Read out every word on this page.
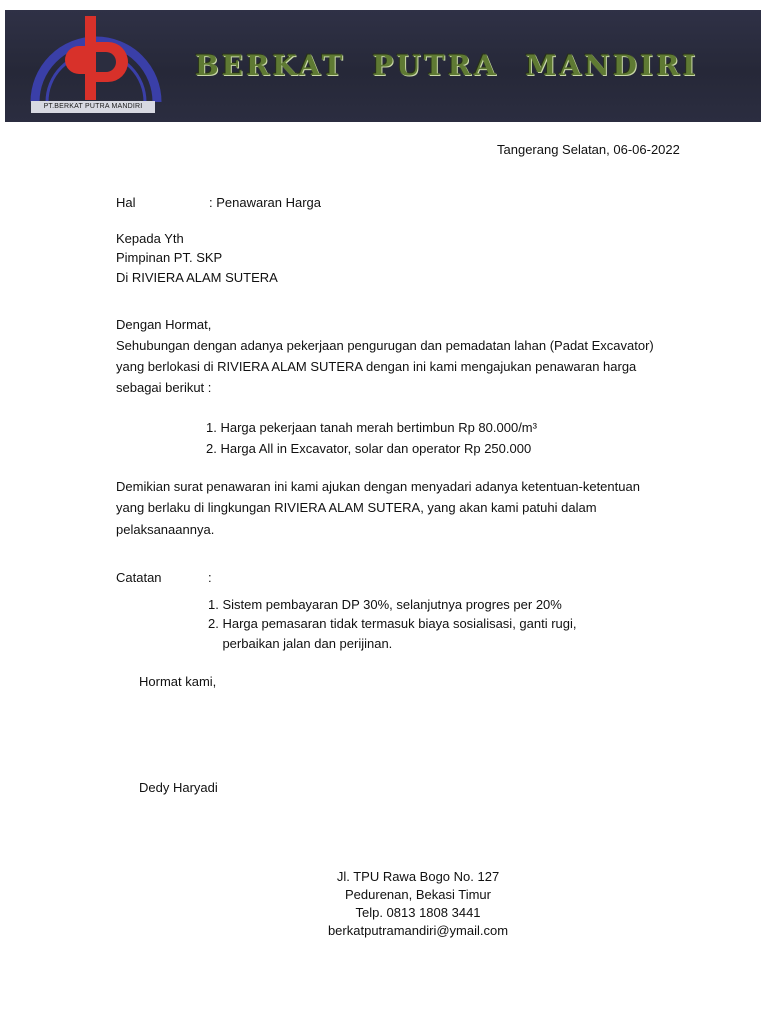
PT.BERKAT PUTRA MANDIRI
BERKAT PUTRA MANDIRI
Tangerang Selatan, 06-06-2022
Hal	: Penawaran Harga
Kepada Yth
Pimpinan PT. SKP
Di RIVIERA ALAM SUTERA
Dengan Hormat,
Sehubungan dengan adanya pekerjaan pengurugan dan pemadatan lahan (Padat Excavator)
yang berlokasi di RIVIERA ALAM SUTERA dengan ini kami mengajukan penawaran harga
sebagai berikut :
1. Harga pekerjaan tanah merah bertimbun Rp 80.000/m³
2. Harga All in Excavator, solar dan operator Rp 250.000
Demikian surat penawaran ini kami ajukan dengan menyadari adanya ketentuan-ketentuan
yang berlaku di lingkungan RIVIERA ALAM SUTERA, yang akan kami patuhi dalam
pelaksanaannya.
Catatan	:
1. Sistem pembayaran DP 30%, selanjutnya progres per 20%
2. Harga pemasaran tidak termasuk biaya sosialisasi, ganti rugi,
perbaikan jalan dan perijinan.
Hormat kami,
Dedy Haryadi
Jl. TPU Rawa Bogo No. 127
Pedurenan, Bekasi Timur
Telp. 0813 1808 3441
berkatputramandiri@ymail.com
